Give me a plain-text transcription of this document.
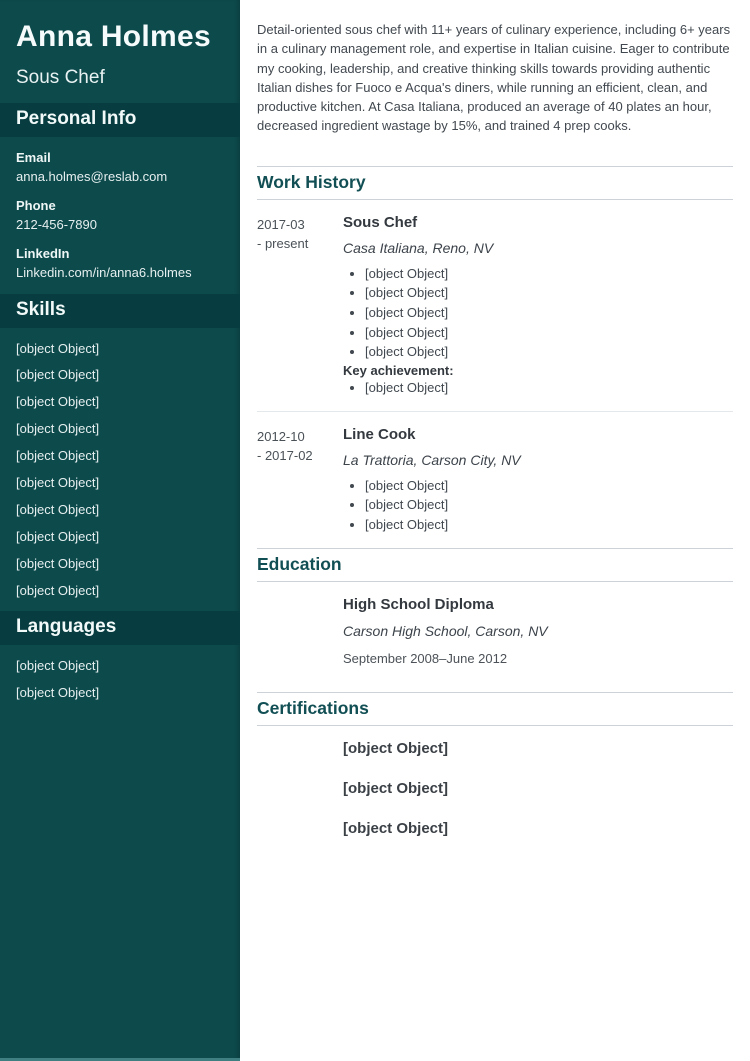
Anna Holmes
Sous Chef
Personal Info
Email
anna.holmes@reslab.com
Phone
212-456-7890
LinkedIn
Linkedin.com/in/anna6.holmes
Skills
[object Object]
[object Object]
[object Object]
[object Object]
[object Object]
[object Object]
[object Object]
[object Object]
[object Object]
[object Object]
Languages
[object Object]
[object Object]

Detail-oriented sous chef with 11+ years of culinary experience, including 6+ years in a culinary management role, and expertise in Italian cuisine. Eager to contribute my cooking, leadership, and creative thinking skills towards providing authentic Italian dishes for Fuoco e Acqua's diners, while running an efficient, clean, and productive kitchen. At Casa Italiana, produced an average of 40 plates an hour, decreased ingredient wastage by 15%, and trained 4 prep cooks.

Work History
2017-03
- present
Sous Chef
Casa Italiana, Reno, NV
• [object Object]
• [object Object]
• [object Object]
• [object Object]
• [object Object]
Key achievement:
• [object Object]
2012-10
- 2017-02
Line Cook
La Trattoria, Carson City, NV
• [object Object]
• [object Object]
• [object Object]
Education
High School Diploma
Carson High School, Carson, NV
September 2008–June 2012
Certifications

[object Object]

[object Object]

[object Object]
